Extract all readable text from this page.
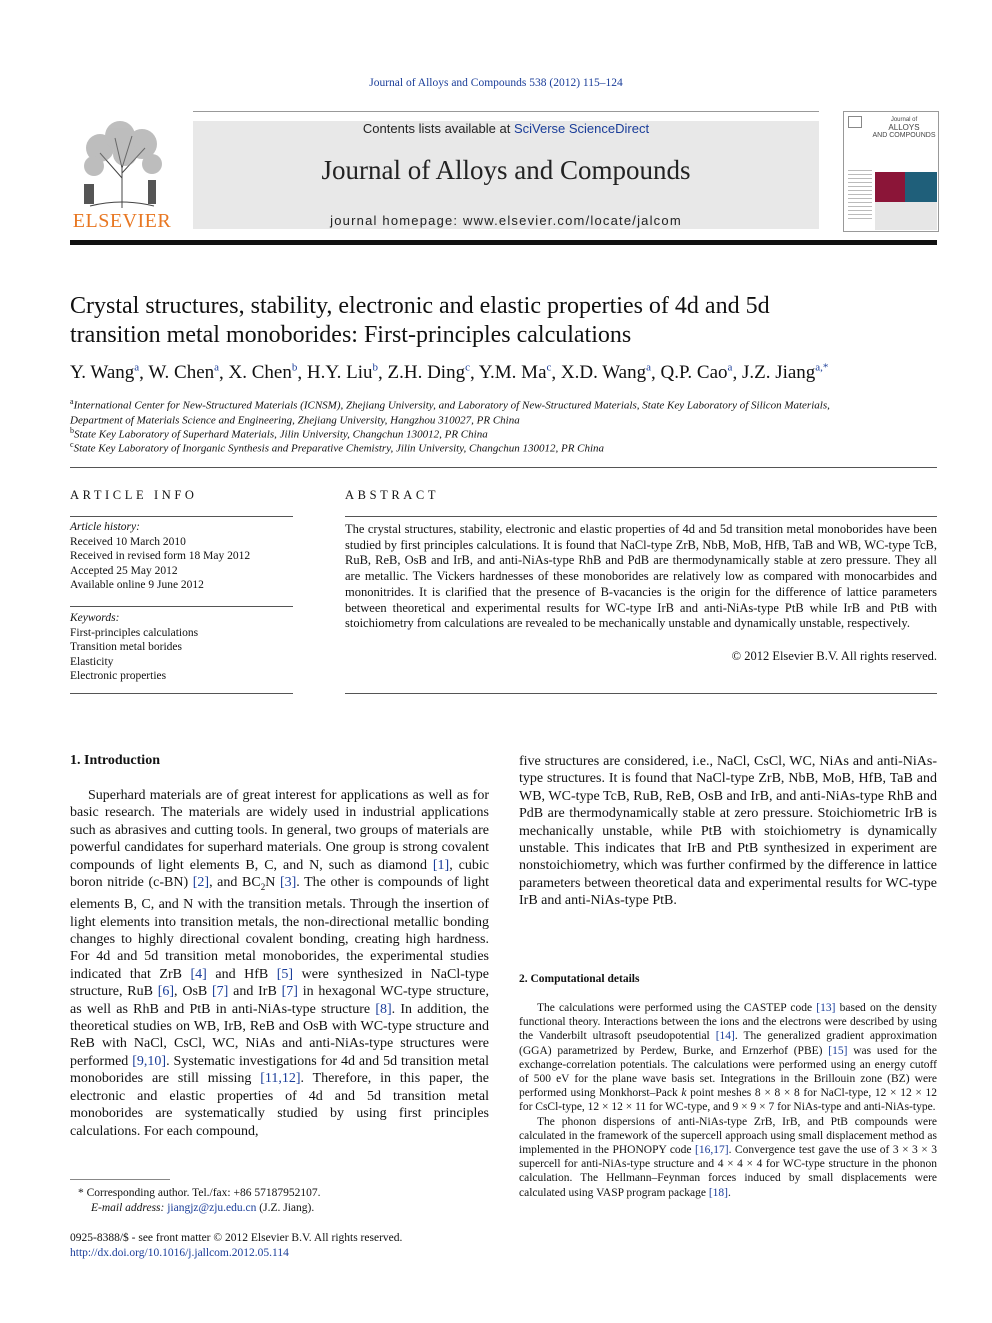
Journal of Alloys and Compounds 538 (2012) 115–124
ELSEVIER
Contents lists available at SciVerse ScienceDirect
Journal of Alloys and Compounds
journal homepage: www.elsevier.com/locate/jalcom
Journal of
ALLOYS
AND COMPOUNDS
Crystal structures, stability, electronic and elastic properties of 4d and 5d
transition metal monoborides: First-principles calculations
Y. Wang$^a$, W. Chen$^a$, X. Chen$^b$, H.Y. Liu$^b$, Z.H. Ding$^c$, Y.M. Ma$^c$, X.D. Wang$^a$, Q.P. Cao$^a$, J.Z. Jiang$^{a,*}$
$^a$International Center for New-Structured Materials (ICNSM), Zhejiang University, and Laboratory of New-Structured Materials, State Key Laboratory of Silicon Materials,
Department of Materials Science and Engineering, Zhejiang University, Hangzhou 310027, PR China
$^b$State Key Laboratory of Superhard Materials, Jilin University, Changchun 130012, PR China
$^c$State Key Laboratory of Inorganic Synthesis and Preparative Chemistry, Jilin University, Changchun 130012, PR China
ARTICLE INFO
Article history:
Received 10 March 2010
Received in revised form 18 May 2012
Accepted 25 May 2012
Available online 9 June 2012
Keywords:
First-principles calculations
Transition metal borides
Elasticity
Electronic properties
ABSTRACT
The crystal structures, stability, electronic and elastic properties of 4d and 5d transition metal monoborides have been studied by first principles calculations. It is found that NaCl-type ZrB, NbB, MoB, HfB, TaB and WB, WC-type TcB, RuB, ReB, OsB and IrB, and anti-NiAs-type RhB and PdB are thermodynamically stable at zero pressure. They all are metallic. The Vickers hardnesses of these monoborides are relatively low as compared with monocarbides and mononitrides. It is clarified that the presence of B-vacancies is the origin for the difference of lattice parameters between theoretical and experimental results for WC-type IrB and anti-NiAs-type PtB while IrB and PtB with stoichiometry from calculations are revealed to be mechanically unstable and dynamically unstable, respectively.
© 2012 Elsevier B.V. All rights reserved.
1. Introduction

Superhard materials are of great interest for applications as well as for basic research. The materials are widely used in industrial applications such as abrasives and cutting tools. In general, two groups of materials are powerful candidates for superhard materials. One group is strong covalent compounds of light elements B, C, and N, such as diamond [1], cubic boron nitride (c-BN) [2], and $BC_2N$ [3]. The other is compounds of light elements B, C, and N with the transition metals. Through the insertion of light elements into transition metals, the non-directional metallic bonding changes to highly directional covalent bonding, creating high hardness. For 4d and 5d transition metal monoborides, the experimental studies indicated that ZrB [4] and HfB [5] were synthesized in NaCl-type structure, RuB [6], OsB [7] and IrB [7] in hexagonal WC-type structure, as well as RhB and PtB in anti-NiAs-type structure [8]. In addition, the theoretical studies on WB, IrB, ReB and OsB with WC-type structure and ReB with NaCl, CsCl, WC, NiAs and anti-NiAs-type structures were performed [9,10]. Systematic investigations for 4d and 5d transition metal monoborides are still missing [11,12]. Therefore, in this paper, the electronic and elastic properties of 4d and 5d transition metal monoborides are systematically studied by using first principles calculations. For each compound,

* Corresponding author. Tel./fax: +86 57187952107.
E-mail address: jiangjz@zju.edu.cn (J.Z. Jiang).
0925-8388/$ - see front matter © 2012 Elsevier B.V. All rights reserved.
http://dx.doi.org/10.1016/j.jallcom.2012.05.114

five structures are considered, i.e., NaCl, CsCl, WC, NiAs and anti-NiAs-type structures. It is found that NaCl-type ZrB, NbB, MoB, HfB, TaB and WB, WC-type TcB, RuB, ReB, OsB and IrB, and anti-NiAs-type RhB and PdB are thermodynamically stable at zero pressure. Stoichiometric IrB is mechanically unstable, while PtB with stoichiometry is dynamically unstable. This indicates that IrB and PtB synthesized in experiment are nonstoichiometry, which was further confirmed by the difference in lattice parameters between theoretical data and experimental results for WC-type IrB and anti-NiAs-type PtB.

2. Computational details

The calculations were performed using the CASTEP code [13] based on the density functional theory. Interactions between the ions and the electrons were described by using the Vanderbilt ultrasoft pseudopotential [14]. The generalized gradient approximation (GGA) parametrized by Perdew, Burke, and Ernzerhof (PBE) [15] was used for the exchange-correlation potentials. The calculations were performed using an energy cutoff of 500 eV for the plane wave basis set. Integrations in the Brillouin zone (BZ) were performed using Monkhorst–Pack k point meshes 8 × 8 × 8 for NaCl-type, 12 × 12 × 12 for CsCl-type, 12 × 12 × 11 for WC-type, and 9 × 9 × 7 for NiAs-type and anti-NiAs-type.

The phonon dispersions of anti-NiAs-type ZrB, IrB, and PtB compounds were calculated in the framework of the supercell approach using small displacement method as implemented in the PHONOPY code [16,17]. Convergence test gave the use of 3 × 3 × 3 supercell for anti-NiAs-type structure and 4 × 4 × 4 for WC-type structure in the phonon calculation. The Hellmann–Feynman forces induced by small displacements were calculated using VASP program package [18].
